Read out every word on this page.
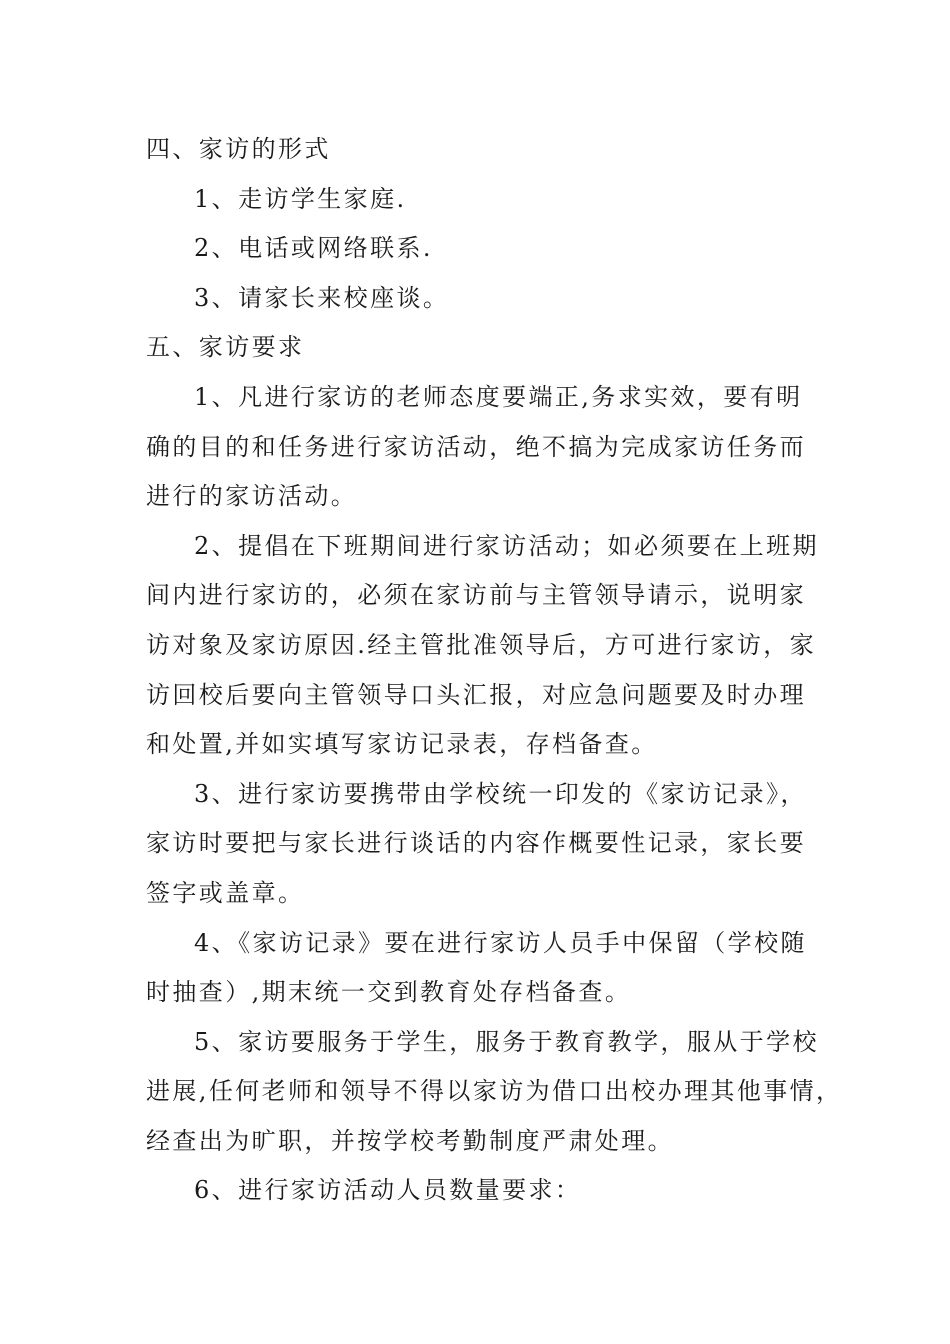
四、家访的形式
1、走访学生家庭.
2、电话或网络联系.
3、请家长来校座谈。
五、家访要求
1、凡进行家访的老师态度要端正,务求实效，要有明
确的目的和任务进行家访活动，绝不搞为完成家访任务而
进行的家访活动。
2、提倡在下班期间进行家访活动；如必须要在上班期
间内进行家访的，必须在家访前与主管领导请示，说明家
访对象及家访原因.经主管批准领导后，方可进行家访，家
访回校后要向主管领导口头汇报，对应急问题要及时办理
和处置,并如实填写家访记录表，存档备查。
3、进行家访要携带由学校统一印发的《家访记录》，
家访时要把与家长进行谈话的内容作概要性记录，家长要
签字或盖章。
4、《家访记录》要在进行家访人员手中保留（学校随
时抽查）,期末统一交到教育处存档备查。
5、家访要服务于学生，服务于教育教学，服从于学校
进展,任何老师和领导不得以家访为借口出校办理其他事情，
经查出为旷职，并按学校考勤制度严肃处理。
6、进行家访活动人员数量要求：
